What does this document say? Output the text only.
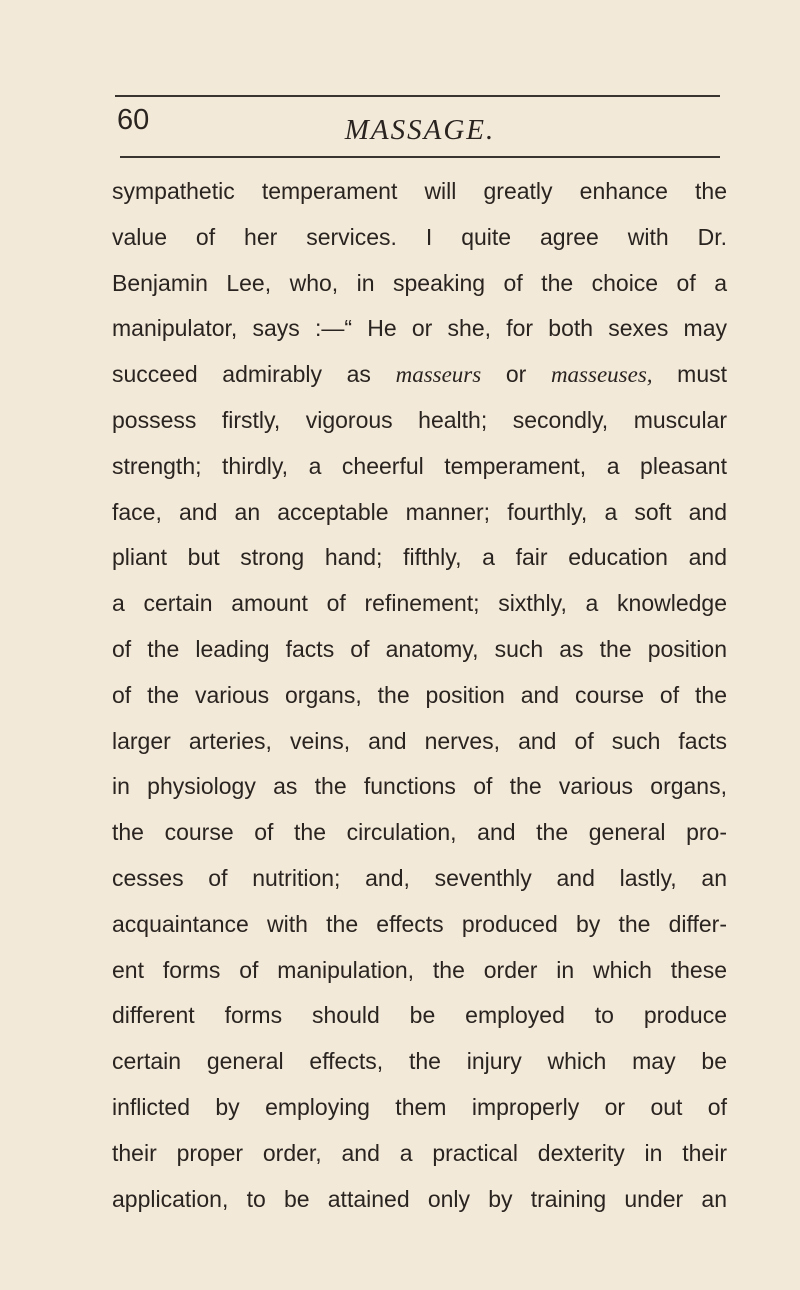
60	MASSAGE.
sympathetic temperament will greatly enhance the
value of her services. I quite agree with Dr.
Benjamin Lee, who, in speaking of the choice of a
manipulator, says :—“ He or she, for both sexes may
succeed admirably as masseurs or masseuses, must
possess firstly, vigorous health; secondly, muscular
strength; thirdly, a cheerful temperament, a pleasant
face, and an acceptable manner; fourthly, a soft and
pliant but strong hand; fifthly, a fair education and
a certain amount of refinement; sixthly, a knowledge
of the leading facts of anatomy, such as the position
of the various organs, the position and course of the
larger arteries, veins, and nerves, and of such facts
in physiology as the functions of the various organs,
the course of the circulation, and the general pro-
cesses of nutrition; and, seventhly and lastly, an
acquaintance with the effects produced by the differ-
ent forms of manipulation, the order in which these
different forms should be employed to produce
certain general effects, the injury which may be
inflicted by employing them improperly or out of
their proper order, and a practical dexterity in their
application, to be attained only by training under an
